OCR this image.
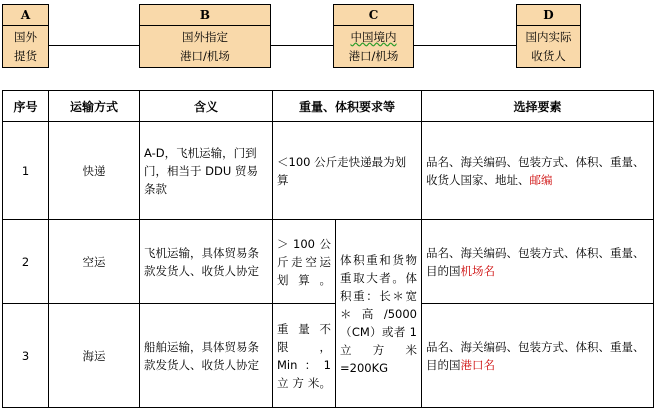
A
国外
提货
B
国外指定
港口/机场
C
中国境内
港口/机场
D
国内实际
收货人
序号	运输方式	含义	重量、体积要求等		选择要素
1	快递	A-D，飞机运输，门到门，相当于 DDU 贸易条款	＜100 公斤走快递最为划算		品名、海关编码、包装方式、体积、重量、收货人国家、地址、邮编
2	空运	飞机运输，具体贸易条款发货人、收货人协定	＞ 100 公斤走空运划算。	体积重和货物重取大者。体积重：长＊宽＊高/5000（CM）或者 1 立方米=200KG	品名、海关编码、包装方式、体积、重量、目的国机场名
3	海运	船舶运输，具体贸易条款发货人、收货人协定	重量不限，Min：1 立 方 米。		品名、海关编码、包装方式、体积、重量、目的国港口名
